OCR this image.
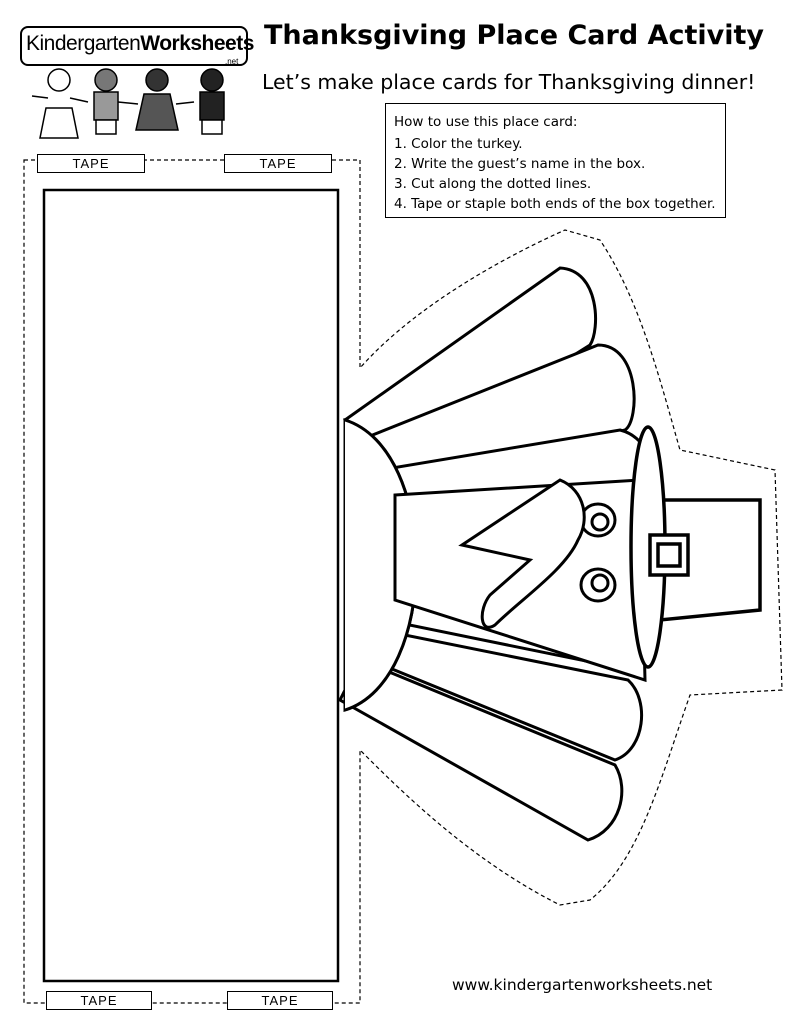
KindergartenWorksheets
.net
Thanksgiving Place Card Activity
Let’s make place cards for Thanksgiving dinner!
How to use this place card:
1. Color the turkey.
2. Write the guest’s name in the box.
3. Cut along the dotted lines.
4. Tape or staple both ends of the box together.
TAPE	TAPE
TAPE	TAPE
www.kindergartenworksheets.net
